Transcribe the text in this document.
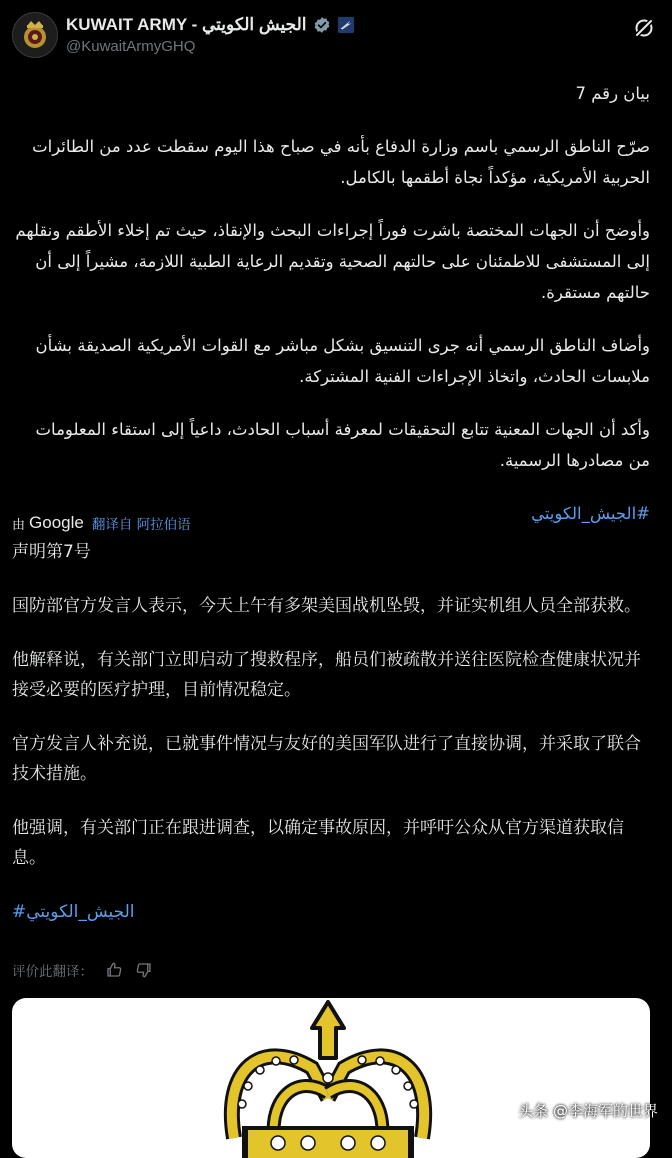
KUWAIT ARMY - الجيش الكويتي
@KuwaitArmyGHQ

بيان رقم 7

صرّح الناطق الرسمي باسم وزارة الدفاع بأنه في صباح هذا اليوم سقطت عدد من الطائرات الحربية الأمريكية، مؤكداً نجاة أطقمها بالكامل.

وأوضح أن الجهات المختصة باشرت فوراً إجراءات البحث والإنقاذ، حيث تم إخلاء الأطقم ونقلهم إلى المستشفى للاطمئنان على حالتهم الصحية وتقديم الرعاية الطبية اللازمة، مشيراً إلى أن حالتهم مستقرة.

وأضاف الناطق الرسمي أنه جرى التنسيق بشكل مباشر مع القوات الأمريكية الصديقة بشأن ملابسات الحادث، واتخاذ الإجراءات الفنية المشتركة.

وأكد أن الجهات المعنية تتابع التحقيقات لمعرفة أسباب الحادث، داعياً إلى استقاء المعلومات من مصادرها الرسمية.

#الجيش_الكويتي

由 Google 翻译自 阿拉伯语

声明第7号

国防部官方发言人表示，今天上午有多架美国战机坠毁，并证实机组人员全部获救。

他解释说，有关部门立即启动了搜救程序，船员们被疏散并送往医院检查健康状况并接受必要的医疗护理，目前情况稳定。

官方发言人补充说，已就事件情况与友好的美国军队进行了直接协调，并采取了联合技术措施。

他强调，有关部门正在跟进调查，以确定事故原因，并呼吁公众从官方渠道获取信息。

#الجيش_الكويتي

评价此翻译：
头条 @李海军的世界
